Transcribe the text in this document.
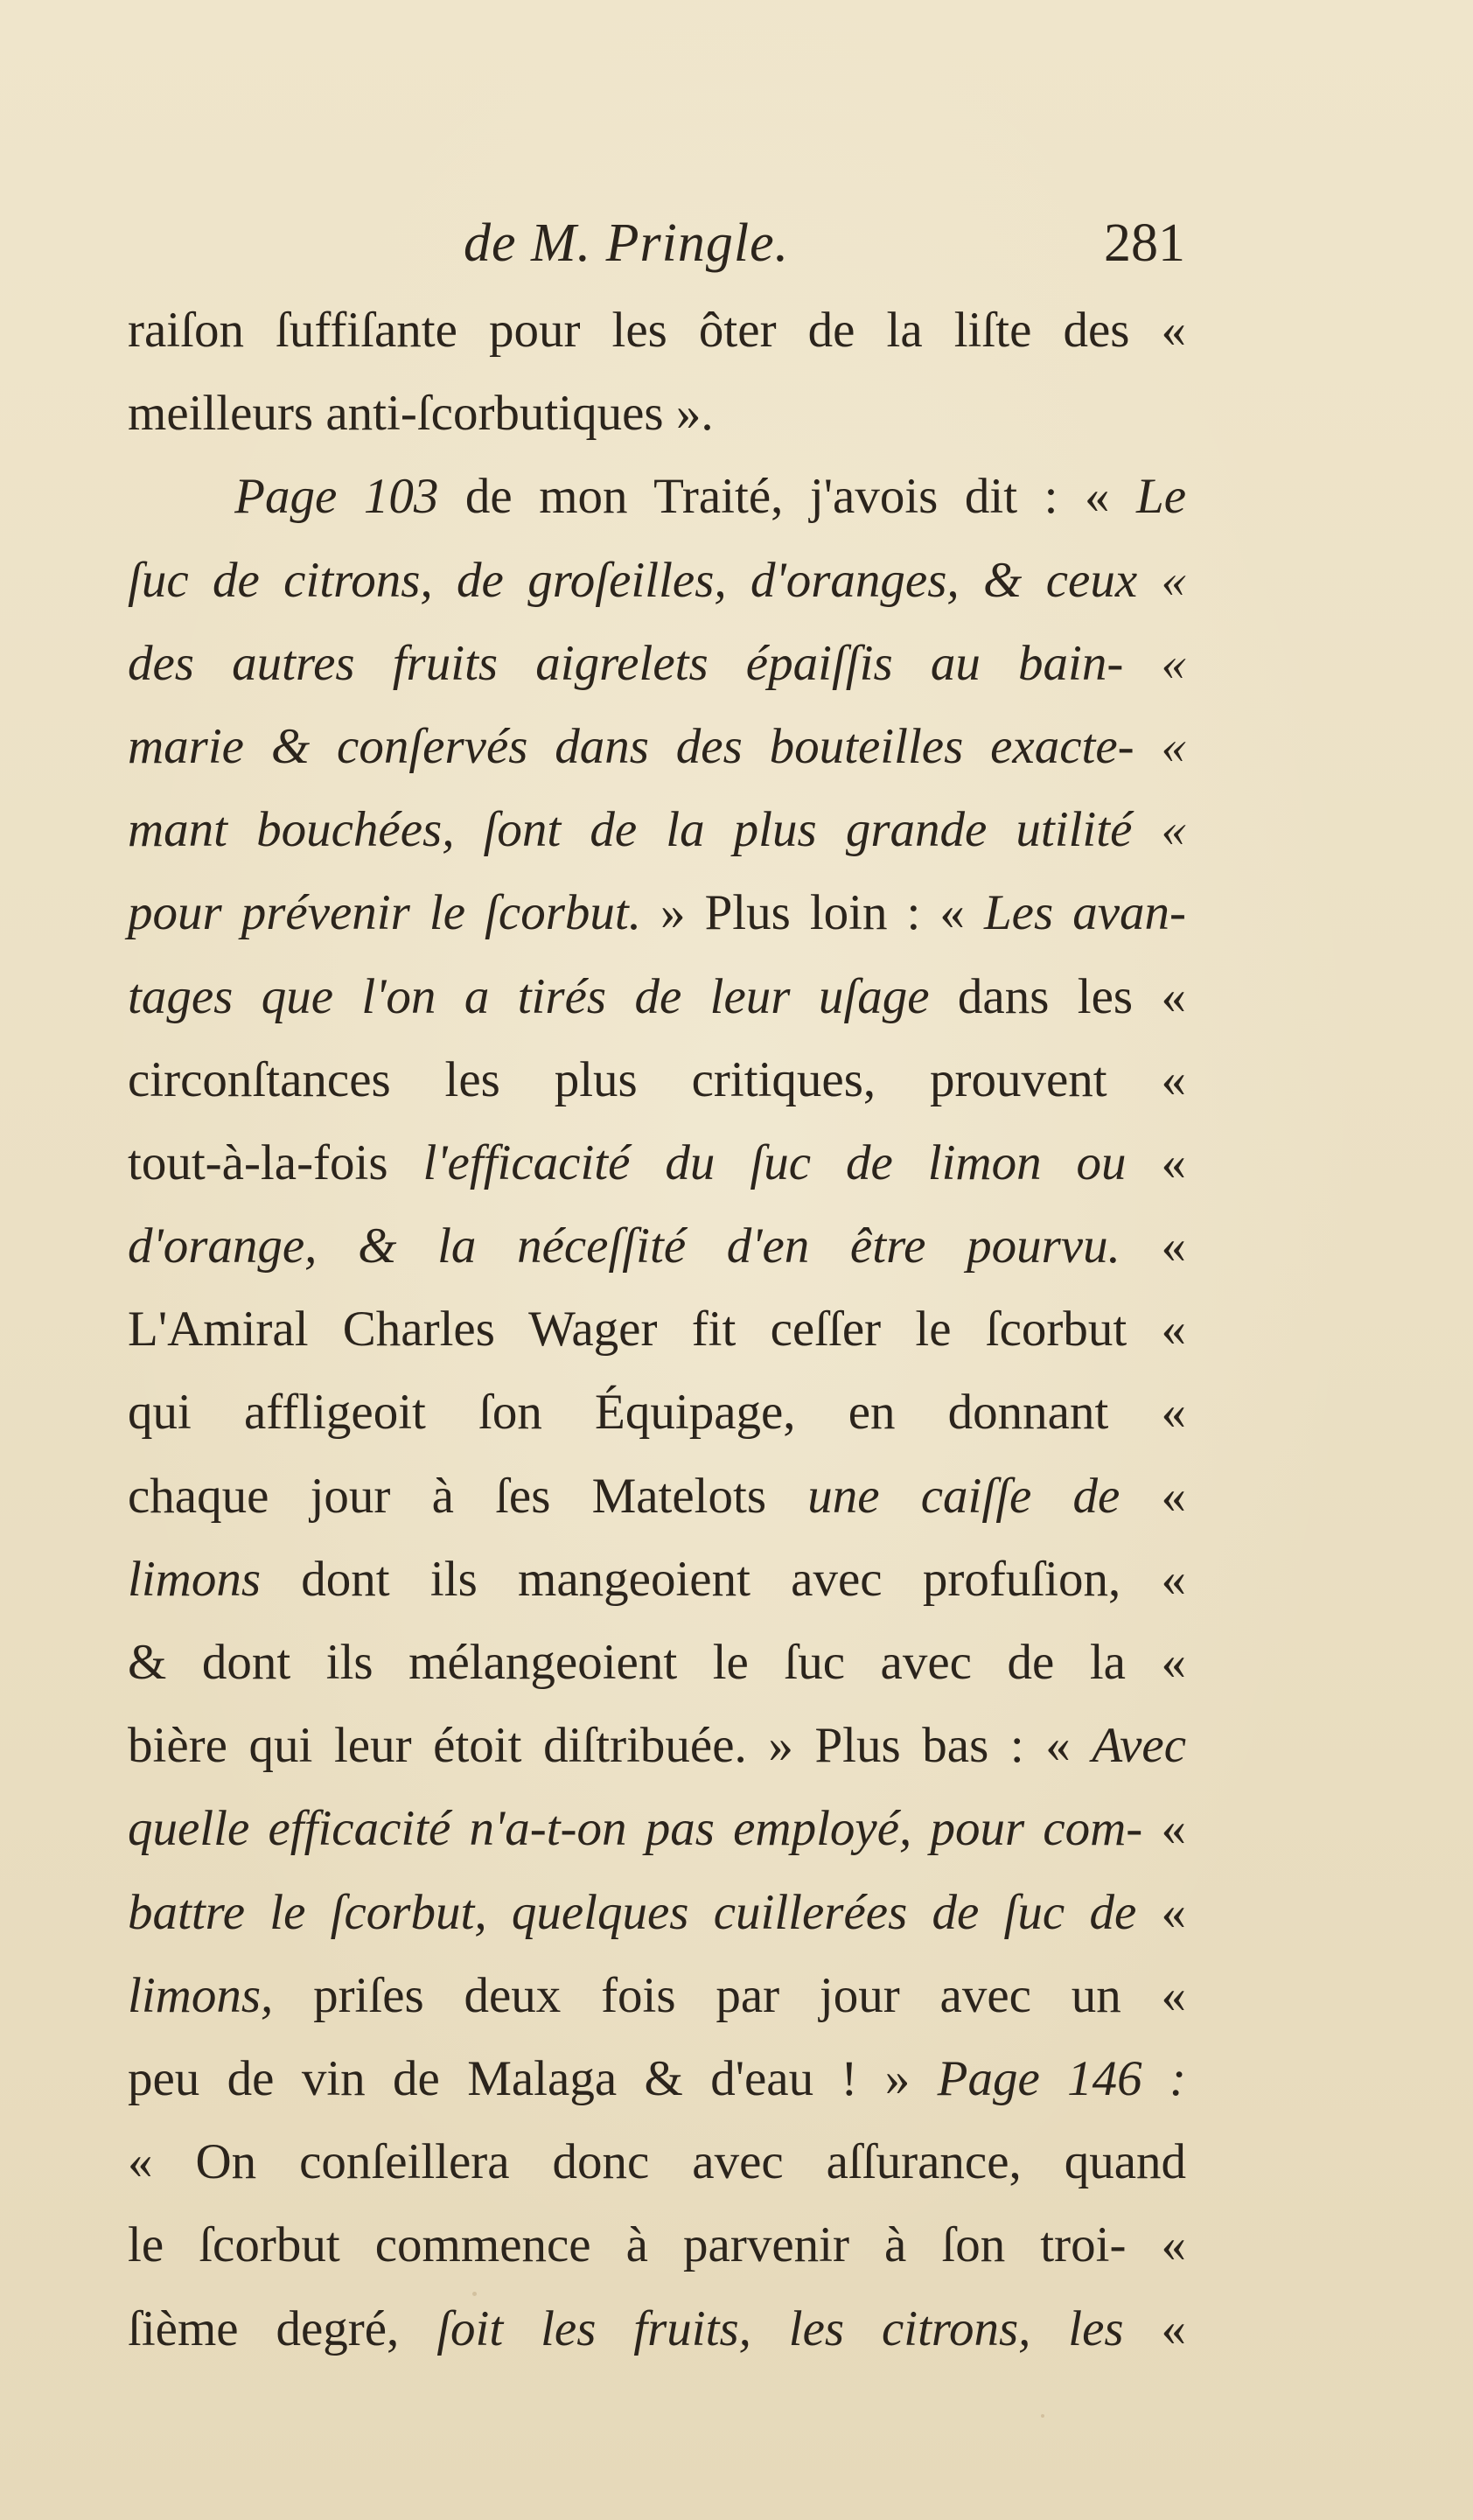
de M. Pringle.	281
raiſon ſuffiſante pour les ôter de la liſte des «
meilleurs anti-ſcorbutiques ».
Page 103 de mon Traité, j'avois dit : « Le
ſuc de citrons, de groſeilles, d'oranges, & ceux «
des autres fruits aigrelets épaiſſis au bain- «
marie & conſervés dans des bouteilles exacte- «
mant bouchées, ſont de la plus grande utilité «
pour prévenir le ſcorbut. » Plus loin : « Les avan-
tages que l'on a tirés de leur uſage dans les «
circonſtances les plus critiques, prouvent «
tout-à-la-fois l'efficacité du ſuc de limon ou «
d'orange, & la néceſſité d'en être pourvu. «
L'Amiral Charles Wager fit ceſſer le ſcorbut «
qui affligeoit ſon Équipage, en donnant «
chaque jour à ſes Matelots une caiſſe de «
limons dont ils mangeoient avec profuſion, «
& dont ils mélangeoient le ſuc avec de la «
bière qui leur étoit diſtribuée. » Plus bas : « Avec
quelle efficacité n'a-t-on pas employé, pour com- «
battre le ſcorbut, quelques cuillerées de ſuc de «
limons, priſes deux fois par jour avec un «
peu de vin de Malaga & d'eau ! » Page 146 :
« On conſeillera donc avec aſſurance, quand
le ſcorbut commence à parvenir à ſon troi- «
ſième degré, ſoit les fruits, les citrons, les «
